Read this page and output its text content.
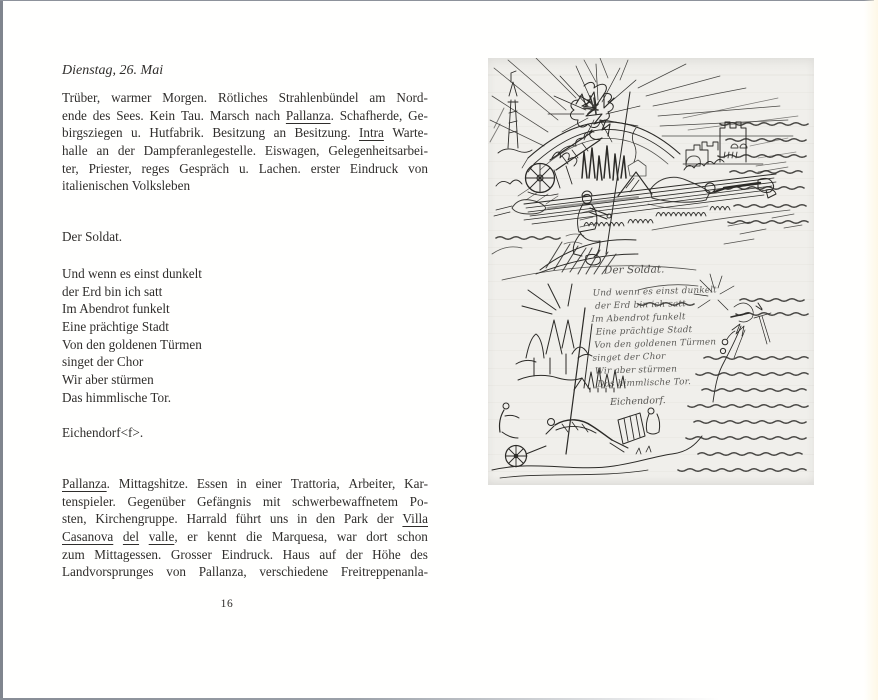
Dienstag, 26. Mai
Trüber, warmer Morgen. Rötliches Strahlenbündel am Nord-
ende des Sees. Kein Tau. Marsch nach Pallanza. Schafherde, Ge-
birgsziegen u. Hutfabrik. Besitzung an Besitzung. Intra Warte-
halle an der Dampferanlegestelle. Eiswagen, Gelegenheitsarbei-
ter, Priester, reges Gespräch u. Lachen. erster Eindruck von
italienischen Volksleben
Der Soldat.
Und wenn es einst dunkelt
der Erd bin ich satt
Im Abendrot funkelt
Eine prächtige Stadt
Von den goldenen Türmen
singet der Chor
Wir aber stürmen
Das himmlische Tor.
Eichendorf<f>.
Pallanza. Mittagshitze. Essen in einer Trattoria, Arbeiter, Kar-
tenspieler. Gegenüber Gefängnis mit schwerbewaffnetem Po-
sten, Kirchengruppe. Harrald führt uns in den Park der Villa
Casanova del valle, er kennt die Marquesa, war dort schon
zum Mittagessen. Grosser Eindruck. Haus auf der Höhe des
Landvorsprunges von Pallanza, verschiedene Freitreppenanla-
16
Der Soldat.
Und wenn es einst dunkelt
der Erd bin ich satt
Im Abendrot funkelt
Eine prächtige Stadt
Von den goldenen Türmen
singet der Chor
Wir aber stürmen
Das himmlische Tor.
Eichendorf.
